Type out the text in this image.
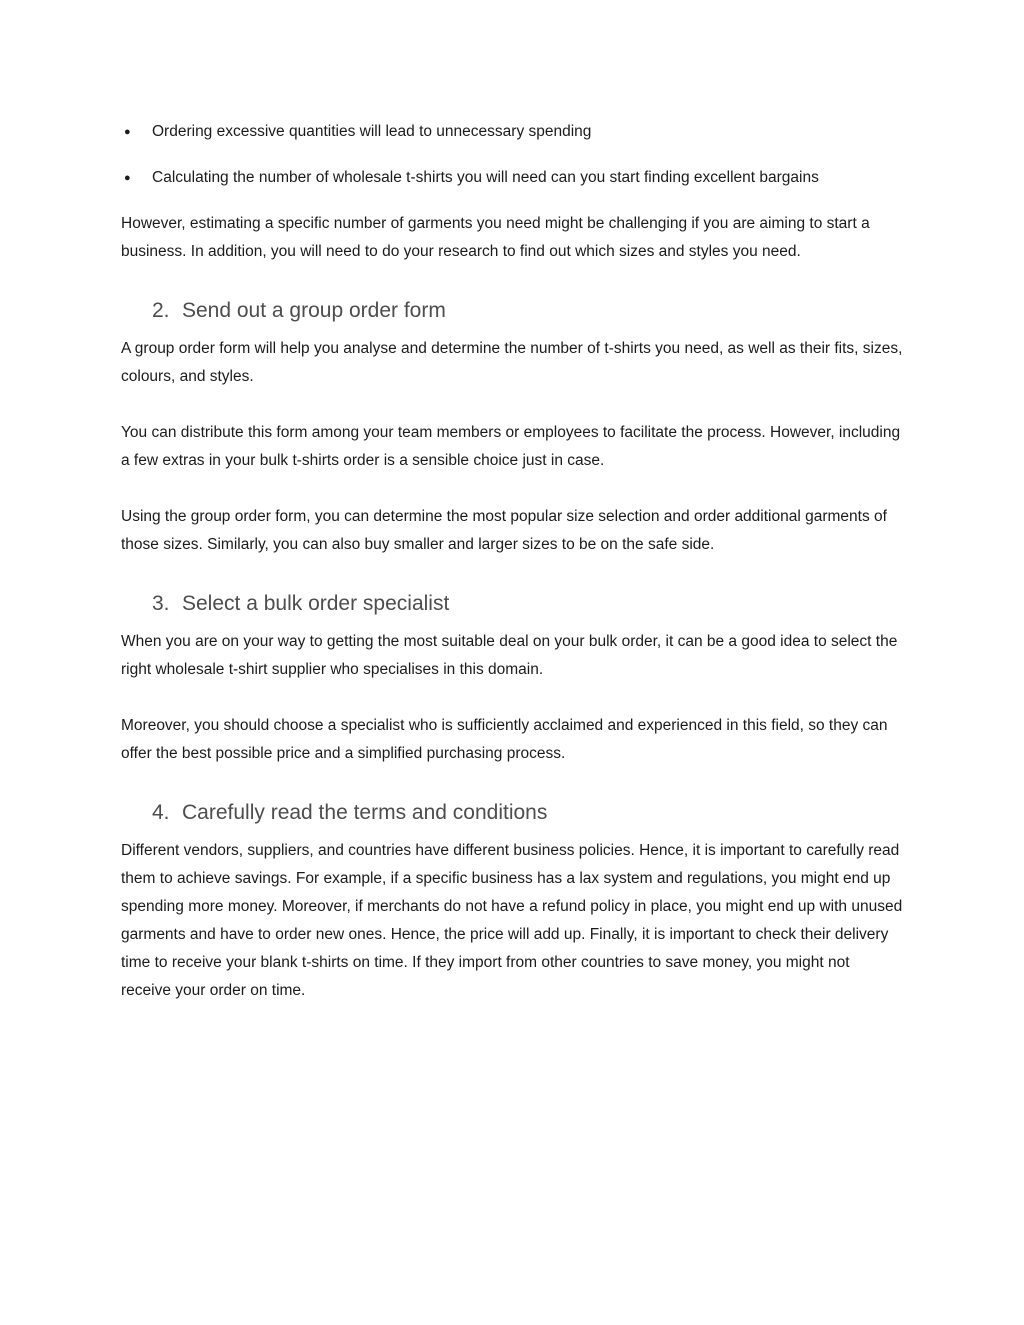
●	Ordering excessive quantities will lead to unnecessary spending
●	Calculating the number of wholesale t-shirts you will need can you start finding excellent bargains

However, estimating a specific number of garments you need might be challenging if you are aiming to start a business. In addition, you will need to do your research to find out which sizes and styles you need.

2. Send out a group order form

A group order form will help you analyse and determine the number of t-shirts you need, as well as their fits, sizes, colours, and styles.

You can distribute this form among your team members or employees to facilitate the process. However, including a few extras in your bulk t-shirts order is a sensible choice just in case.

Using the group order form, you can determine the most popular size selection and order additional garments of those sizes. Similarly, you can also buy smaller and larger sizes to be on the safe side.

3. Select a bulk order specialist

When you are on your way to getting the most suitable deal on your bulk order, it can be a good idea to select the right wholesale t-shirt supplier who specialises in this domain.

Moreover, you should choose a specialist who is sufficiently acclaimed and experienced in this field, so they can offer the best possible price and a simplified purchasing process.

4. Carefully read the terms and conditions

Different vendors, suppliers, and countries have different business policies. Hence, it is important to carefully read them to achieve savings. For example, if a specific business has a lax system and regulations, you might end up spending more money. Moreover, if merchants do not have a refund policy in place, you might end up with unused garments and have to order new ones. Hence, the price will add up. Finally, it is important to check their delivery time to receive your blank t-shirts on time. If they import from other countries to save money, you might not receive your order on time.
